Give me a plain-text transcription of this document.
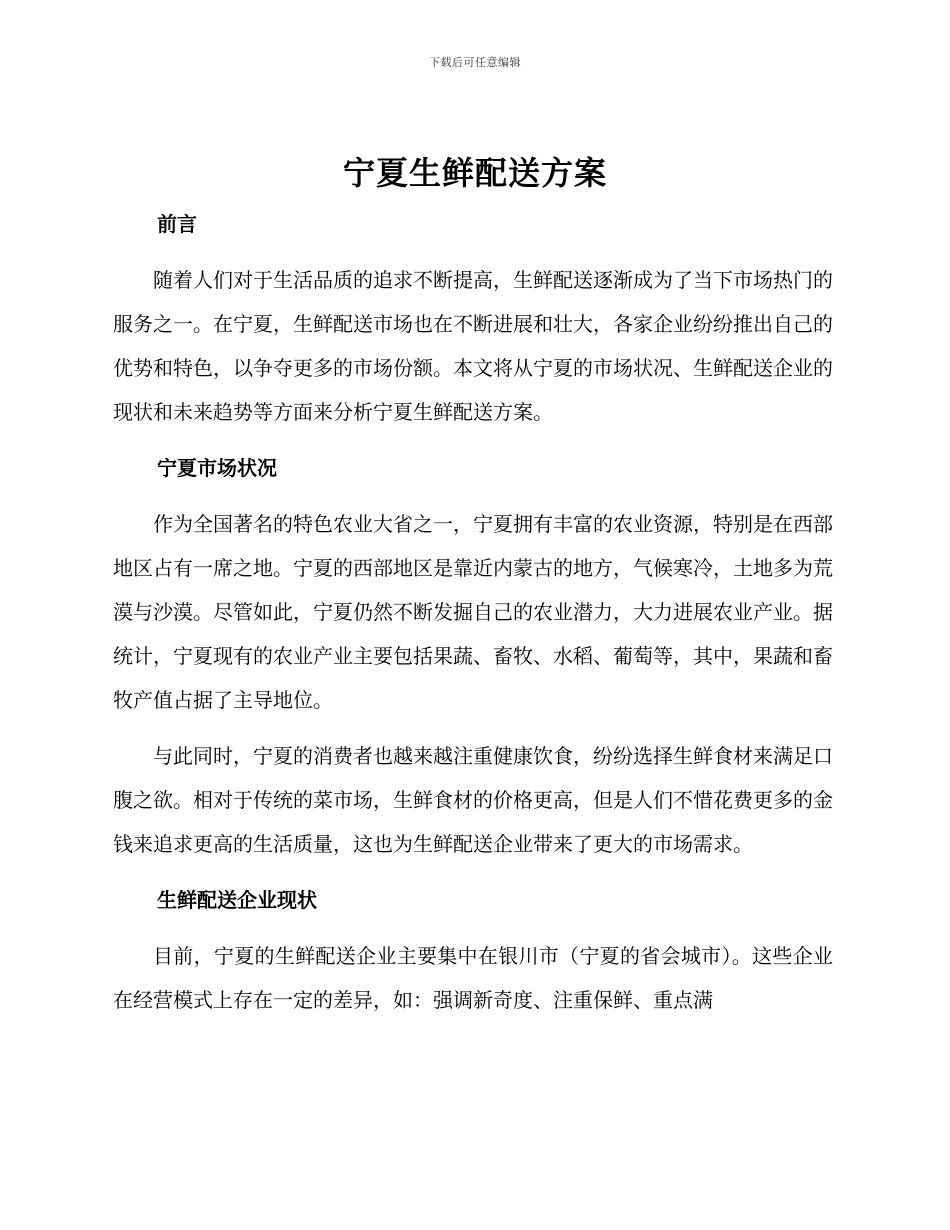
下载后可任意编辑
宁夏生鲜配送方案
前言

随着人们对于生活品质的追求不断提高，生鲜配送逐渐成为了当下市场热门的服务之一。在宁夏，生鲜配送市场也在不断进展和壮大，各家企业纷纷推出自己的优势和特色，以争夺更多的市场份额。本文将从宁夏的市场状况、生鲜配送企业的现状和未来趋势等方面来分析宁夏生鲜配送方案。

宁夏市场状况

作为全国著名的特色农业大省之一，宁夏拥有丰富的农业资源，特别是在西部地区占有一席之地。宁夏的西部地区是靠近内蒙古的地方，气候寒冷，土地多为荒漠与沙漠。尽管如此，宁夏仍然不断发掘自己的农业潜力，大力进展农业产业。据统计，宁夏现有的农业产业主要包括果蔬、畜牧、水稻、葡萄等，其中，果蔬和畜牧产值占据了主导地位。

与此同时，宁夏的消费者也越来越注重健康饮食，纷纷选择生鲜食材来满足口腹之欲。相对于传统的菜市场，生鲜食材的价格更高，但是人们不惜花费更多的金钱来追求更高的生活质量，这也为生鲜配送企业带来了更大的市场需求。

生鲜配送企业现状

目前，宁夏的生鲜配送企业主要集中在银川市（宁夏的省会城市）。这些企业在经营模式上存在一定的差异，如：强调新奇度、注重保鲜、重点满
